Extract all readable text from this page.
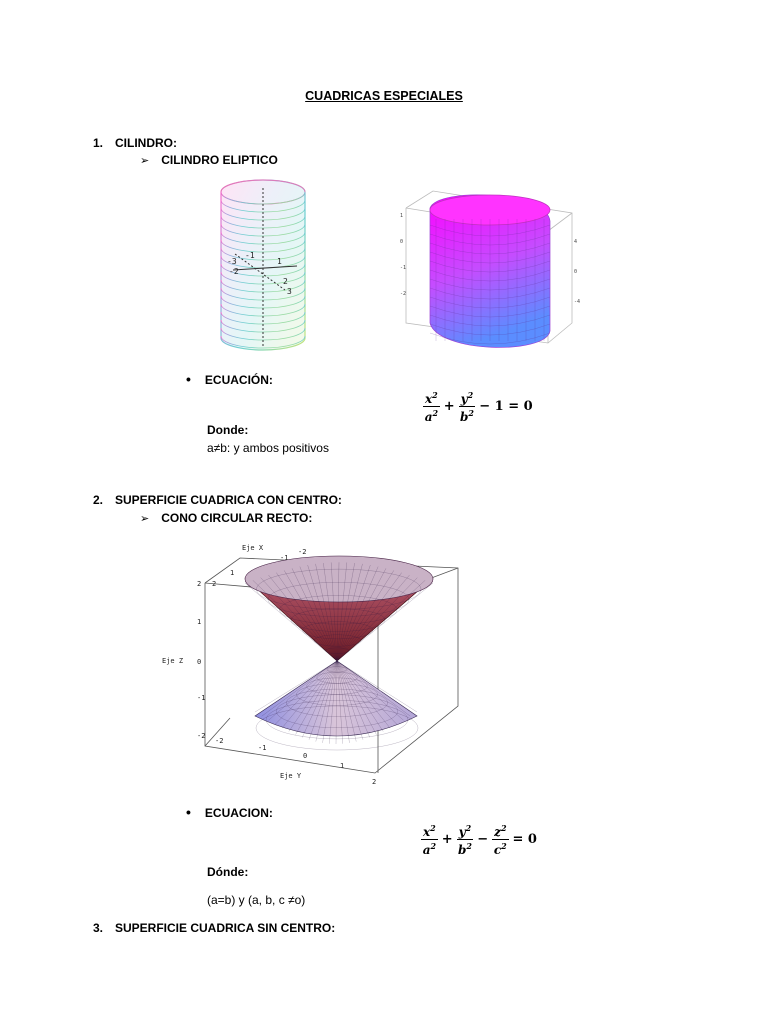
CUADRICAS ESPECIALES
1. CILINDRO:
➢ CILINDRO ELIPTICO
-3
-2
-1
1
2
3
1
0
-1
-2
4
0
-4
• ECUACIÓN:
$\frac{x^2}{a^2} + \frac{y^2}{b^2} - 1 = 0$
Donde:
a≠b: y ambos positivos
2. SUPERFICIE CUADRICA CON CENTRO:
➢ CONO CIRCULAR RECTO:
Eje X
Eje Z
Eje Y
2
1
0
-1
-2
-1
-2
1
2
-2
-1
0
1
2
• ECUACION:
$\frac{x^2}{a^2} + \frac{y^2}{b^2} - \frac{z^2}{c^2} = 0$
Dónde:
(a=b) y (a, b, c ≠o)
3. SUPERFICIE CUADRICA SIN CENTRO:
